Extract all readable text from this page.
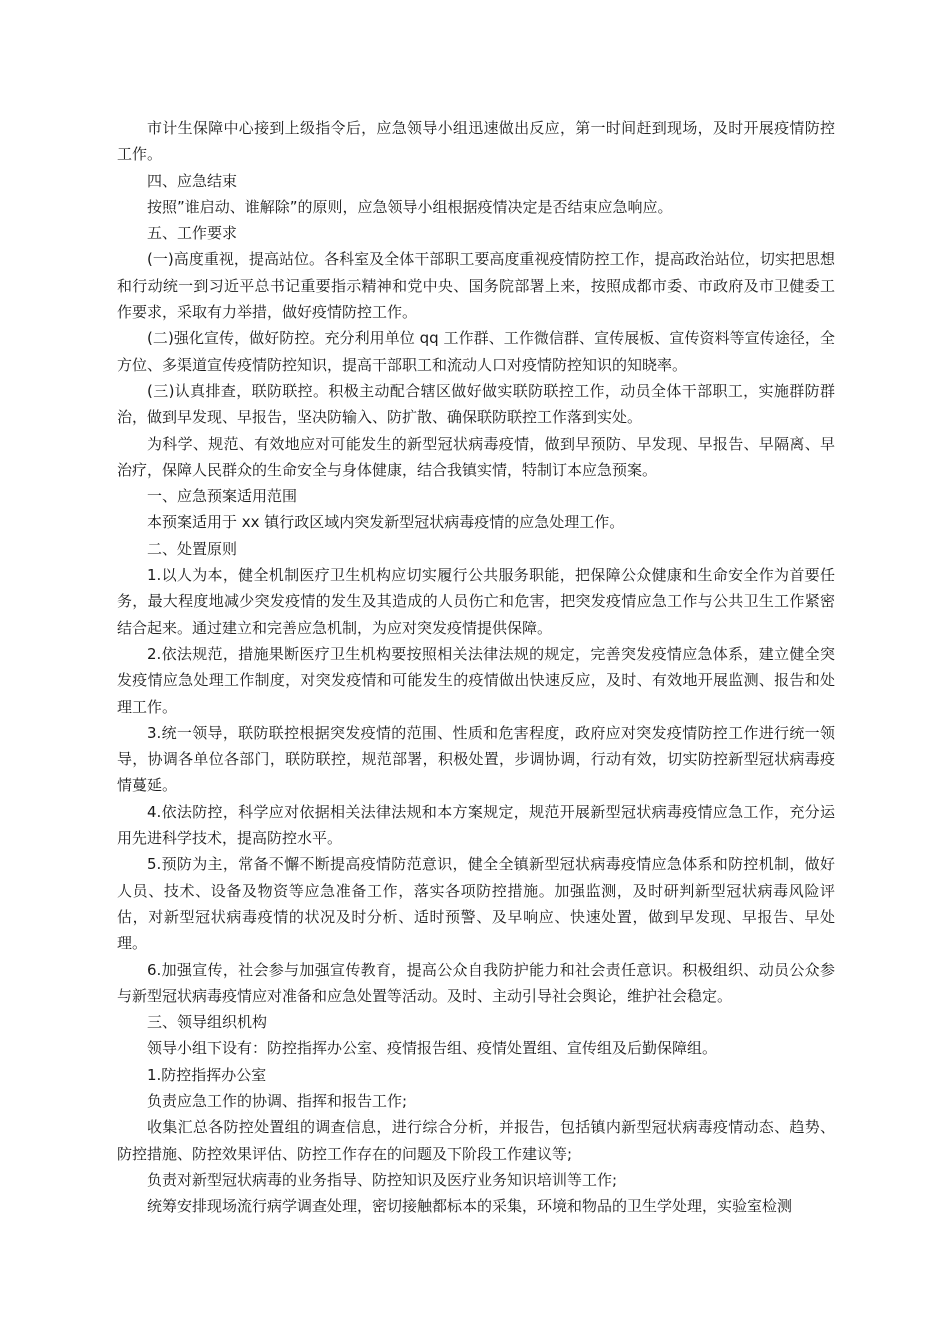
市计生保障中心接到上级指令后，应急领导小组迅速做出反应，第一时间赶到现场，及时开展疫情防控工作。

四、应急结束

按照”谁启动、谁解除”的原则，应急领导小组根据疫情决定是否结束应急响应。

五、工作要求

(一)高度重视，提高站位。各科室及全体干部职工要高度重视疫情防控工作，提高政治站位，切实把思想和行动统一到习近平总书记重要指示精神和党中央、国务院部署上来，按照成都市委、市政府及市卫健委工作要求，采取有力举措，做好疫情防控工作。

(二)强化宣传，做好防控。充分利用单位 qq 工作群、工作微信群、宣传展板、宣传资料等宣传途径，全方位、多渠道宣传疫情防控知识，提高干部职工和流动人口对疫情防控知识的知晓率。

(三)认真排查，联防联控。积极主动配合辖区做好做实联防联控工作，动员全体干部职工，实施群防群治，做到早发现、早报告，坚决防输入、防扩散、确保联防联控工作落到实处。

为科学、规范、有效地应对可能发生的新型冠状病毒疫情，做到早预防、早发现、早报告、早隔离、早治疗，保障人民群众的生命安全与身体健康，结合我镇实情，特制订本应急预案。

一、应急预案适用范围

本预案适用于 xx 镇行政区域内突发新型冠状病毒疫情的应急处理工作。

二、处置原则

1.以人为本，健全机制医疗卫生机构应切实履行公共服务职能，把保障公众健康和生命安全作为首要任务，最大程度地减少突发疫情的发生及其造成的人员伤亡和危害，把突发疫情应急工作与公共卫生工作紧密结合起来。通过建立和完善应急机制，为应对突发疫情提供保障。

2.依法规范，措施果断医疗卫生机构要按照相关法律法规的规定，完善突发疫情应急体系，建立健全突发疫情应急处理工作制度，对突发疫情和可能发生的疫情做出快速反应，及时、有效地开展监测、报告和处理工作。

3.统一领导，联防联控根据突发疫情的范围、性质和危害程度，政府应对突发疫情防控工作进行统一领导，协调各单位各部门，联防联控，规范部署，积极处置，步调协调，行动有效，切实防控新型冠状病毒疫情蔓延。

4.依法防控，科学应对依据相关法律法规和本方案规定，规范开展新型冠状病毒疫情应急工作，充分运用先进科学技术，提高防控水平。

5.预防为主，常备不懈不断提高疫情防范意识，健全全镇新型冠状病毒疫情应急体系和防控机制，做好人员、技术、设备及物资等应急准备工作，落实各项防控措施。加强监测，及时研判新型冠状病毒风险评估，对新型冠状病毒疫情的状况及时分析、适时预警、及早响应、快速处置，做到早发现、早报告、早处理。

6.加强宣传，社会参与加强宣传教育，提高公众自我防护能力和社会责任意识。积极组织、动员公众参与新型冠状病毒疫情应对准备和应急处置等活动。及时、主动引导社会舆论，维护社会稳定。

三、领导组织机构

领导小组下设有：防控指挥办公室、疫情报告组、疫情处置组、宣传组及后勤保障组。

1.防控指挥办公室

负责应急工作的协调、指挥和报告工作;

收集汇总各防控处置组的调查信息，进行综合分析，并报告，包括镇内新型冠状病毒疫情动态、趋势、防控措施、防控效果评估、防控工作存在的问题及下阶段工作建议等;

负责对新型冠状病毒的业务指导、防控知识及医疗业务知识培训等工作;

统筹安排现场流行病学调查处理，密切接触都标本的采集，环境和物品的卫生学处理，实验室检测
